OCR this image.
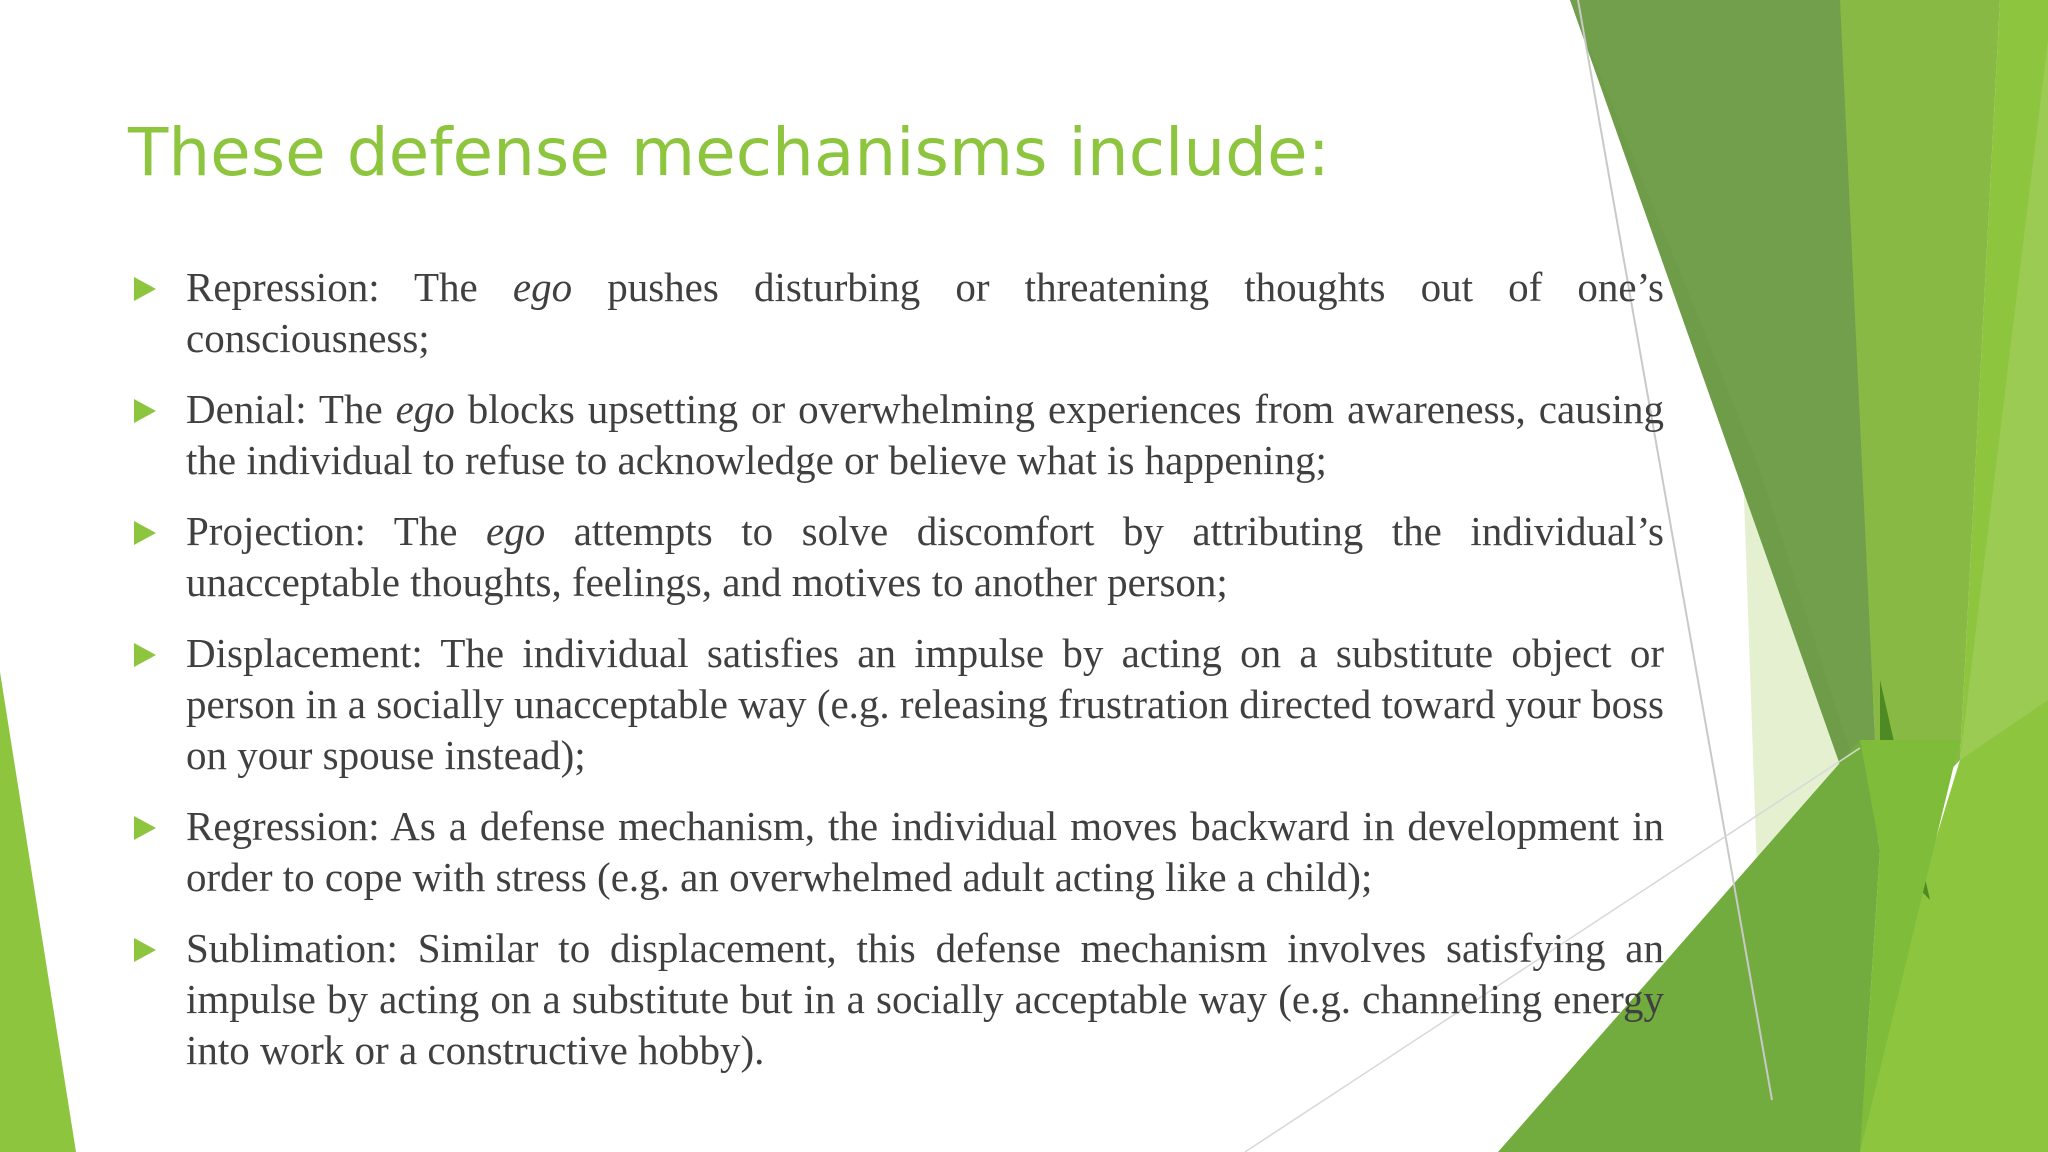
These defense mechanisms include:
Repression: The ego pushes disturbing or threatening thoughts out of one’s consciousness;
Denial: The ego blocks upsetting or overwhelming experiences from awareness, causing the individual to refuse to acknowledge or believe what is happening;
Projection: The ego attempts to solve discomfort by attributing the individual’s unacceptable thoughts, feelings, and motives to another person;
Displacement: The individual satisfies an impulse by acting on a substitute object or person in a socially unacceptable way (e.g. releasing frustration directed toward your boss on your spouse instead);
Regression: As a defense mechanism, the individual moves backward in development in order to cope with stress (e.g. an overwhelmed adult acting like a child);
Sublimation: Similar to displacement, this defense mechanism involves satisfying an impulse by acting on a substitute but in a socially acceptable way (e.g. channeling energy into work or a constructive hobby).
